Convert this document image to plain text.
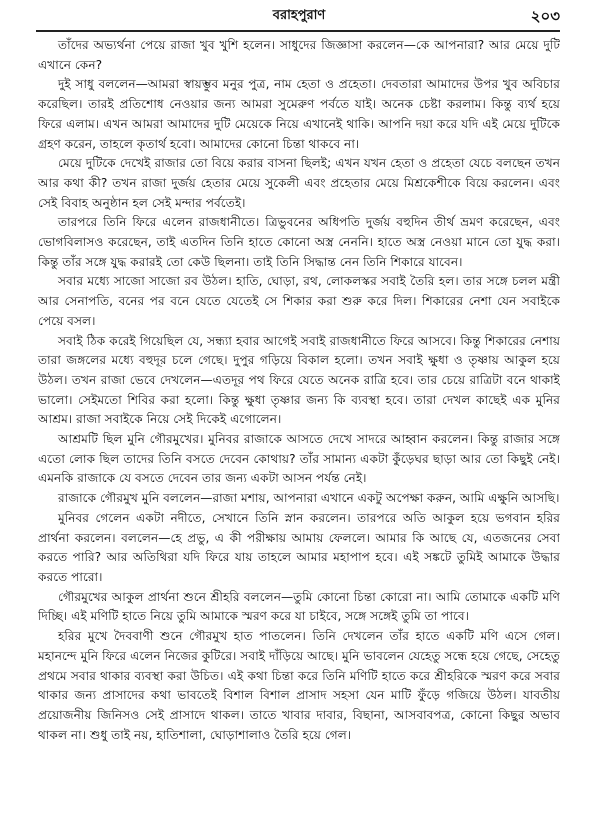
বরাহপুরাণ	২০৩

তাঁদের অভ্যর্থনা পেয়ে রাজা খুব খুশি হলেন। সাধুদের জিজ্ঞাসা করলেন—কে আপনারা? আর মেয়ে দুটি এখানে কেন?

দুই সাধু বললেন—আমরা স্বায়ম্ভুব মনুর পুত্র, নাম হেতা ও প্রহেতা। দেবতারা আমাদের উপর খুব অবিচার করেছিল। তারই প্রতিশোধ নেওয়ার জন্য আমরা সুমেরুণ পর্বতে যাই। অনেক চেষ্টা করলাম। কিন্তু ব্যর্থ হয়ে ফিরে এলাম। এখন আমরা আমাদের দুটি মেয়েকে নিয়ে এখানেই থাকি। আপনি দয়া করে যদি এই মেয়ে দুটিকে গ্রহণ করেন, তাহলে কৃতার্থ হবো। আমাদের কোনো চিন্তা থাকবে না।

মেয়ে দুটিকে দেখেই রাজার তো বিয়ে করার বাসনা ছিলই; এখন যখন হেতা ও প্রহেতা যেচে বলছেন তখন আর কথা কী? তখন রাজা দুর্জয় হেতার মেয়ে সুকেলী এবং প্রহেতার মেয়ে মিশ্রকেশীকে বিয়ে করলেন। এবং সেই বিবাহ অনুষ্ঠান হল সেই মন্দার পর্বতেই।

তারপরে তিনি ফিরে এলেন রাজধানীতে। ত্রিভুবনের অধিপতি দুর্জয় বহুদিন তীর্থ ভ্রমণ করেছেন, এবং ভোগবিলাসও করেছেন, তাই এতদিন তিনি হাতে কোনো অস্ত্র নেননি। হাতে অস্ত্র নেওয়া মানে তো যুদ্ধ করা। কিন্তু তাঁর সঙ্গে যুদ্ধ করারই তো কেউ ছিলনা। তাই তিনি সিদ্ধান্ত নেন তিনি শিকারে যাবেন।

সবার মধ্যে সাজো সাজো রব উঠল। হাতি, ঘোড়া, রথ, লোকলস্কর সবাই তৈরি হল। তার সঙ্গে চলল মন্ত্রী আর সেনাপতি, বনের পর বনে যেতে যেতেই সে শিকার করা শুরু করে দিল। শিকারের নেশা যেন সবাইকে পেয়ে বসল।

সবাই ঠিক করেই গিয়েছিল যে, সন্ধ্যা হবার আগেই সবাই রাজধানীতে ফিরে আসবে। কিন্তু শিকারের নেশায় তারা জঙ্গলের মধ্যে বহুদূর চলে গেছে। দুপুর গড়িয়ে বিকাল হলো। তখন সবাই ক্ষুধা ও তৃষ্ণায় আকুল হয়ে উঠল। তখন রাজা ভেবে দেখলেন—এতদূর পথ ফিরে যেতে অনেক রাত্রি হবে। তার চেয়ে রাত্রিটা বনে থাকাই ভালো। সেইমতো শিবির করা হলো। কিন্তু ক্ষুধা তৃষ্ণার জন্য কি ব্যবস্থা হবে। তারা দেখল কাছেই এক মুনির আশ্রম। রাজা সবাইকে নিয়ে সেই দিকেই এগোলেন।

আশ্রমটি ছিল মুনি গৌরমুখের। মুনিবর রাজাকে আসতে দেখে সাদরে আহ্বান করলেন। কিন্তু রাজার সঙ্গে এতো লোক ছিল তাদের তিনি বসতে দেবেন কোথায়? তাঁর সামান্য একটা কুঁড়েঘর ছাড়া আর তো কিছুই নেই। এমনকি রাজাকে যে বসতে দেবেন তার জন্য একটা আসন পর্যন্ত নেই।

রাজাকে গৌরমুখ মুনি বললেন—রাজা মশায়, আপনারা এখানে একটু অপেক্ষা করুন, আমি এক্ষুনি আসছি।

মুনিবর গেলেন একটা নদীতে, সেখানে তিনি স্নান করলেন। তারপরে অতি আকুল হয়ে ভগবান হরির প্রার্থনা করলেন। বললেন—হে প্রভু, এ কী পরীক্ষায় আমায় ফেললে। আমার কি আছে যে, এতজনের সেবা করতে পারি? আর অতিথিরা যদি ফিরে যায় তাহলে আমার মহাপাপ হবে। এই সঙ্কটে তুমিই আমাকে উদ্ধার করতে পারো।

গৌরমুখের আকুল প্রার্থনা শুনে শ্রীহরি বললেন—তুমি কোনো চিন্তা কোরো না। আমি তোমাকে একটি মণি দিচ্ছি। এই মণিটি হাতে নিয়ে তুমি আমাকে স্মরণ করে যা চাইবে, সঙ্গে সঙ্গেই তুমি তা পাবে।

হরির মুখে দৈববাণী শুনে গৌরমুখ হাত পাতলেন। তিনি দেখলেন তাঁর হাতে একটি মণি এসে গেল। মহানন্দে মুনি ফিরে এলেন নিজের কুটিরে। সবাই দাঁড়িয়ে আছে। মুনি ভাবলেন যেহেতু সন্ধে হয়ে গেছে, সেহেতু প্রথমে সবার থাকার ব্যবস্থা করা উচিত। এই কথা চিন্তা করে তিনি মণিটি হাতে করে শ্রীহরিকে স্মরণ করে সবার থাকার জন্য প্রাসাদের কথা ভাবতেই বিশাল বিশাল প্রাসাদ সহসা যেন মাটি ফুঁড়ে গজিয়ে উঠল। যাবতীয় প্রয়োজনীয় জিনিসও সেই প্রাসাদে থাকল। তাতে খাবার দাবার, বিছানা, আসবাবপত্র, কোনো কিছুর অভাব থাকল না। শুধু তাই নয়, হাতিশালা, ঘোড়াশালাও তৈরি হয়ে গেল।
